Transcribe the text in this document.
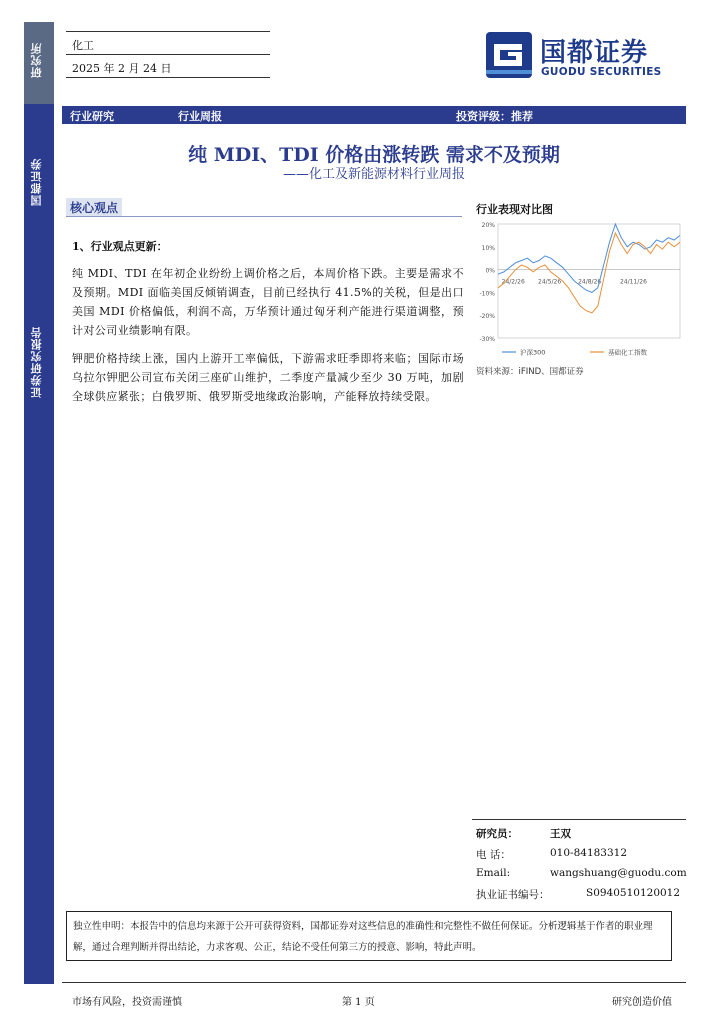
研究所
国都证券
证券研究报告
化工
2025 年 2 月 24 日
国都证券
GUODU SECURITIES
行业研究	行业周报	投资评级：推荐
纯 MDI、TDI 价格由涨转跌 需求不及预期
——化工及新能源材料行业周报
核心观点
1、行业观点更新：
纯 MDI、TDI 在年初企业纷纷上调价格之后，本周价格下跌。主要是需求不及预期。MDI 面临美国反倾销调查，目前已经执行 41.5%的关税，但是出口美国 MDI 价格偏低，利润不高，万华预计通过匈牙利产能进行渠道调整，预计对公司业绩影响有限。
钾肥价格持续上涨，国内上游开工率偏低，下游需求旺季即将来临；国际市场乌拉尔钾肥公司宣布关闭三座矿山维护，二季度产量减少至少 30 万吨，加剧全球供应紧张；白俄罗斯、俄罗斯受地缘政治影响，产能释放持续受限。
行业表现对比图
20%
10%
0%
-10%
-20%
-30%
24/2/26 24/5/26	24/8/26	24/11/26
沪深300	基础化工指数
资料来源：iFIND、国都证券
研究员：	王双
电 话：	010-84183312
Email:	wangshuang@guodu.com
执业证书编号：	S0940510120012
独立性申明：本报告中的信息均来源于公开可获得资料，国都证券对这些信息的准确性和完整性不做任何保证。分析逻辑基于作者的职业理解，通过合理判断并得出结论，力求客观、公正，结论不受任何第三方的授意、影响，特此声明。
市场有风险，投资需谨慎	第 1 页	研究创造价值
